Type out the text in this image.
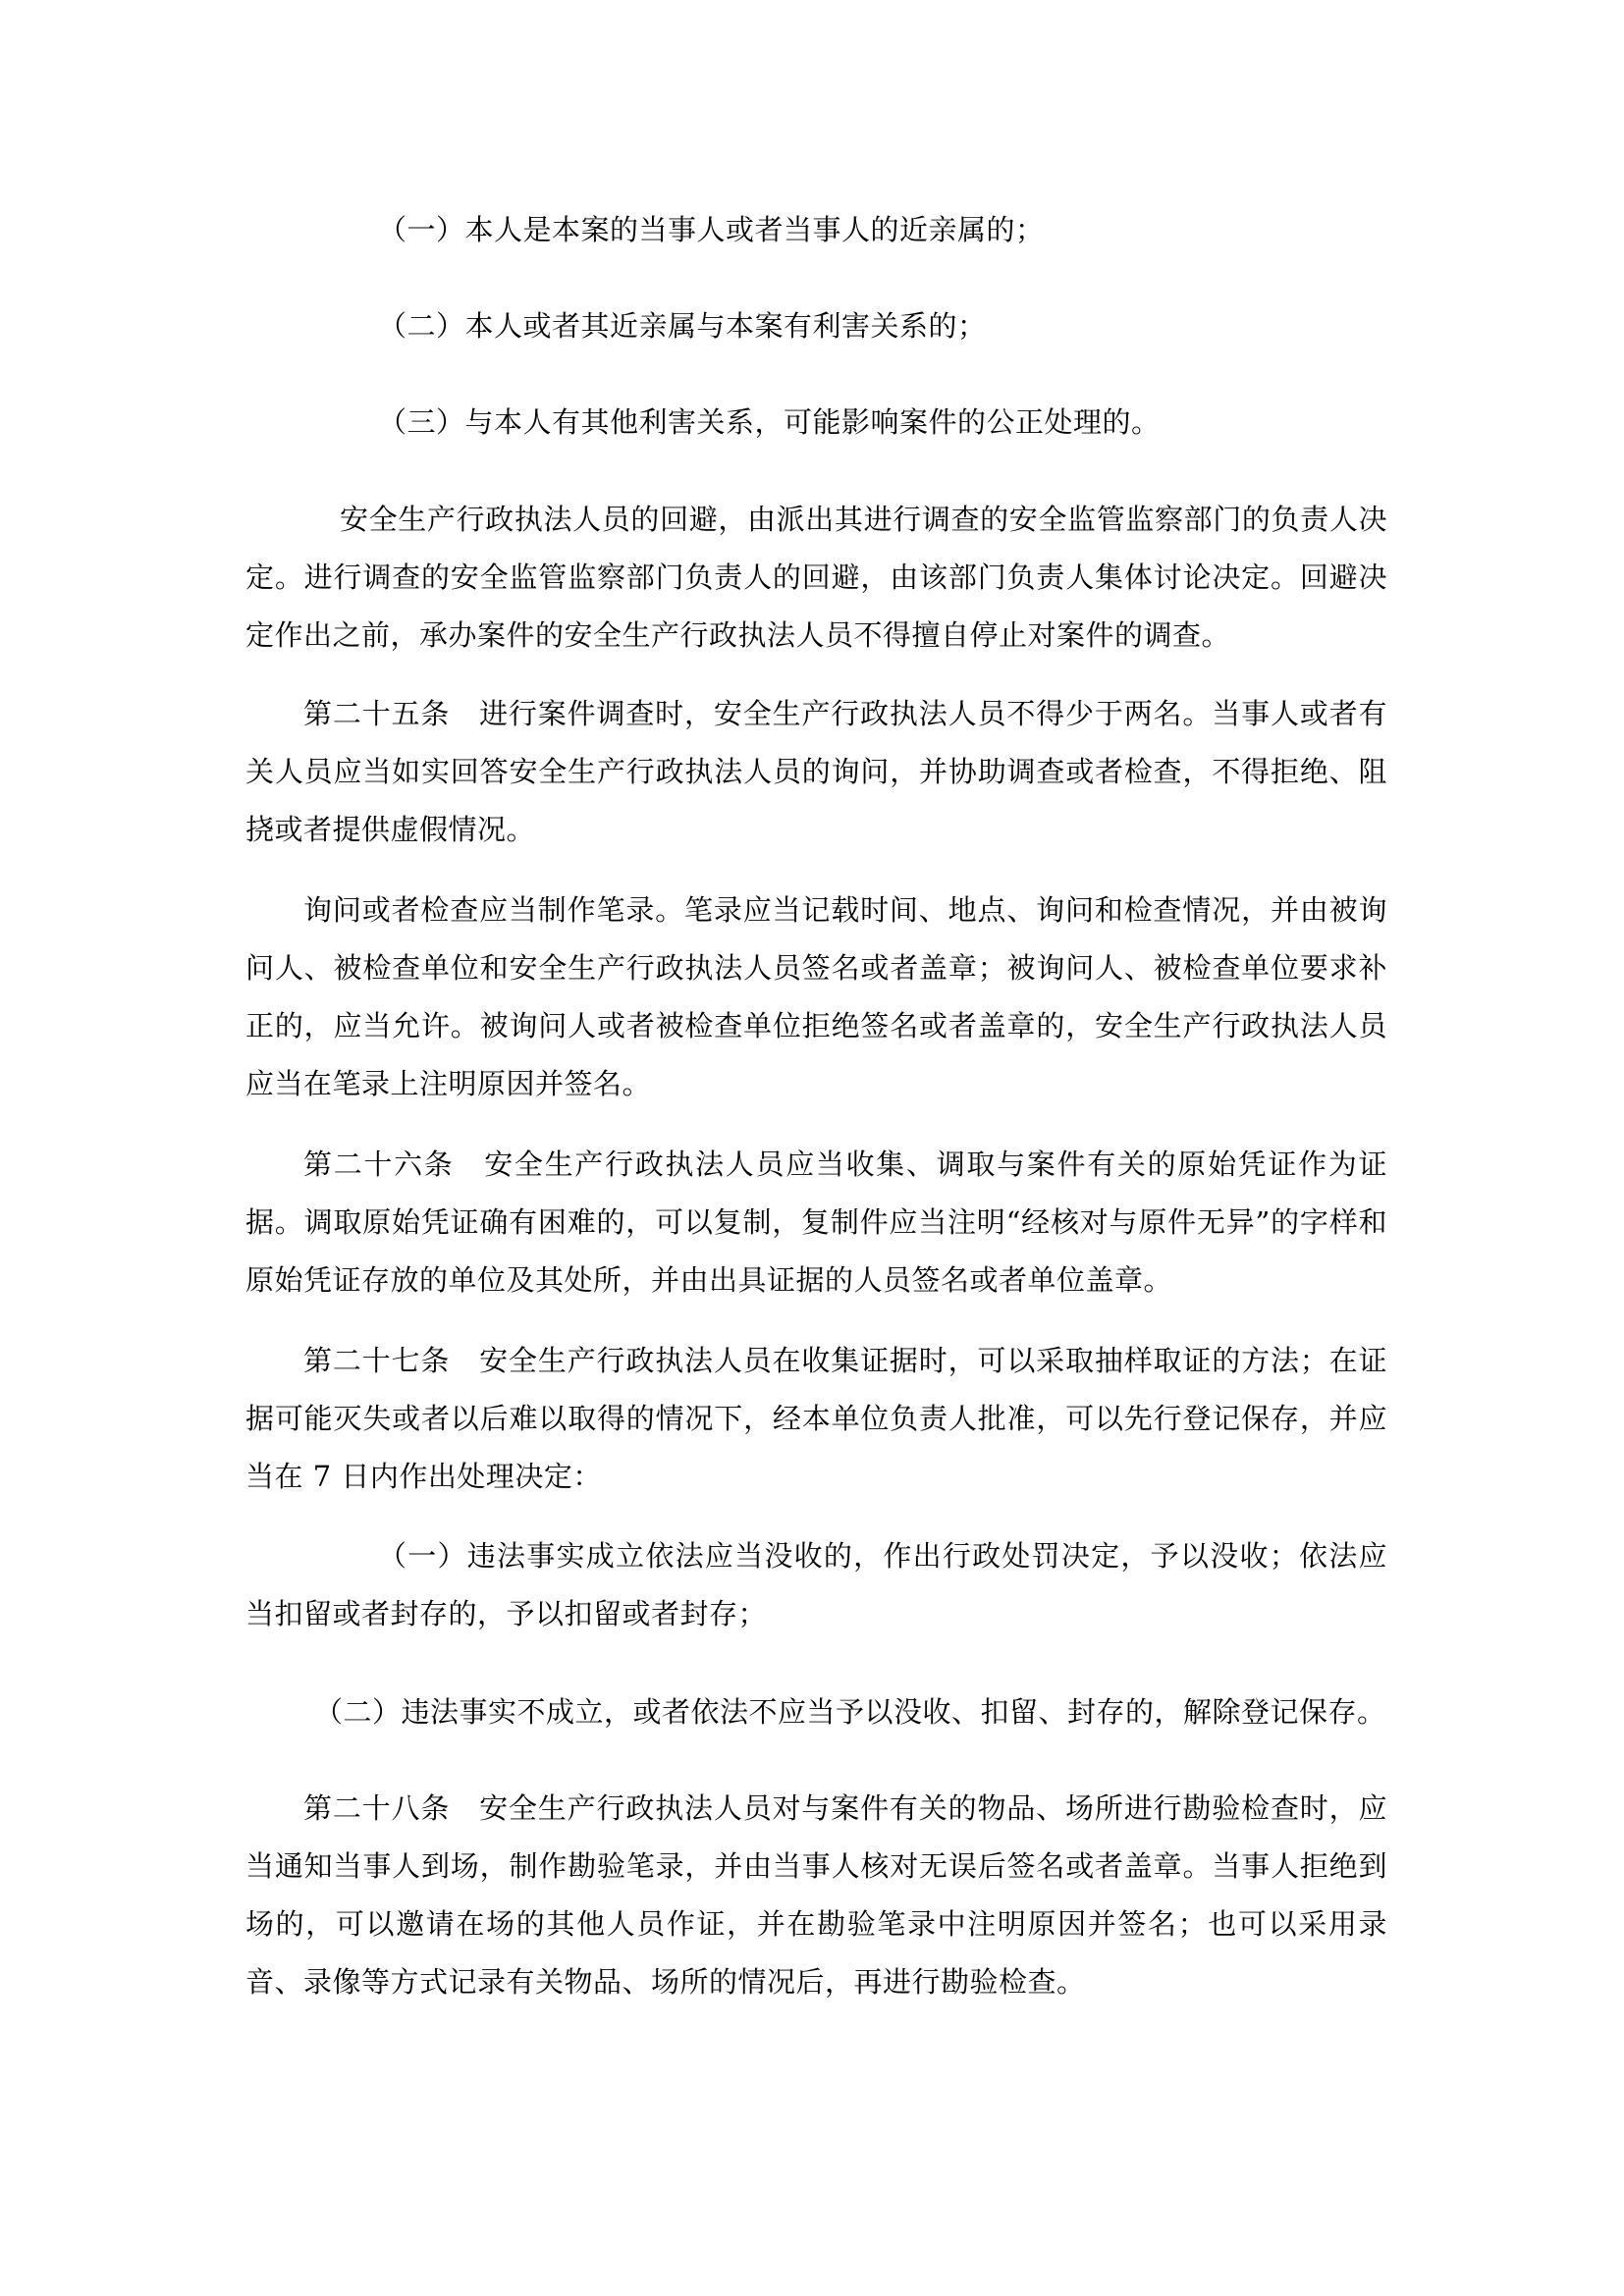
（一）本人是本案的当事人或者当事人的近亲属的；

（二）本人或者其近亲属与本案有利害关系的；

（三）与本人有其他利害关系，可能影响案件的公正处理的。

安全生产行政执法人员的回避，由派出其进行调查的安全监管监察部门的负责人决定。进行调查的安全监管监察部门负责人的回避，由该部门负责人集体讨论决定。回避决定作出之前，承办案件的安全生产行政执法人员不得擅自停止对案件的调查。

第二十五条　进行案件调查时，安全生产行政执法人员不得少于两名。当事人或者有关人员应当如实回答安全生产行政执法人员的询问，并协助调查或者检查，不得拒绝、阻挠或者提供虚假情况。

询问或者检查应当制作笔录。笔录应当记载时间、地点、询问和检查情况，并由被询问人、被检查单位和安全生产行政执法人员签名或者盖章；被询问人、被检查单位要求补正的，应当允许。被询问人或者被检查单位拒绝签名或者盖章的，安全生产行政执法人员应当在笔录上注明原因并签名。

第二十六条　安全生产行政执法人员应当收集、调取与案件有关的原始凭证作为证据。调取原始凭证确有困难的，可以复制，复制件应当注明“经核对与原件无异”的字样和原始凭证存放的单位及其处所，并由出具证据的人员签名或者单位盖章。

第二十七条　安全生产行政执法人员在收集证据时，可以采取抽样取证的方法；在证据可能灭失或者以后难以取得的情况下，经本单位负责人批准，可以先行登记保存，并应当在 7 日内作出处理决定：

（一）违法事实成立依法应当没收的，作出行政处罚决定，予以没收；依法应当扣留或者封存的，予以扣留或者封存；

（二）违法事实不成立，或者依法不应当予以没收、扣留、封存的，解除登记保存。

第二十八条　安全生产行政执法人员对与案件有关的物品、场所进行勘验检查时，应当通知当事人到场，制作勘验笔录，并由当事人核对无误后签名或者盖章。当事人拒绝到场的，可以邀请在场的其他人员作证，并在勘验笔录中注明原因并签名；也可以采用录音、录像等方式记录有关物品、场所的情况后，再进行勘验检查。
